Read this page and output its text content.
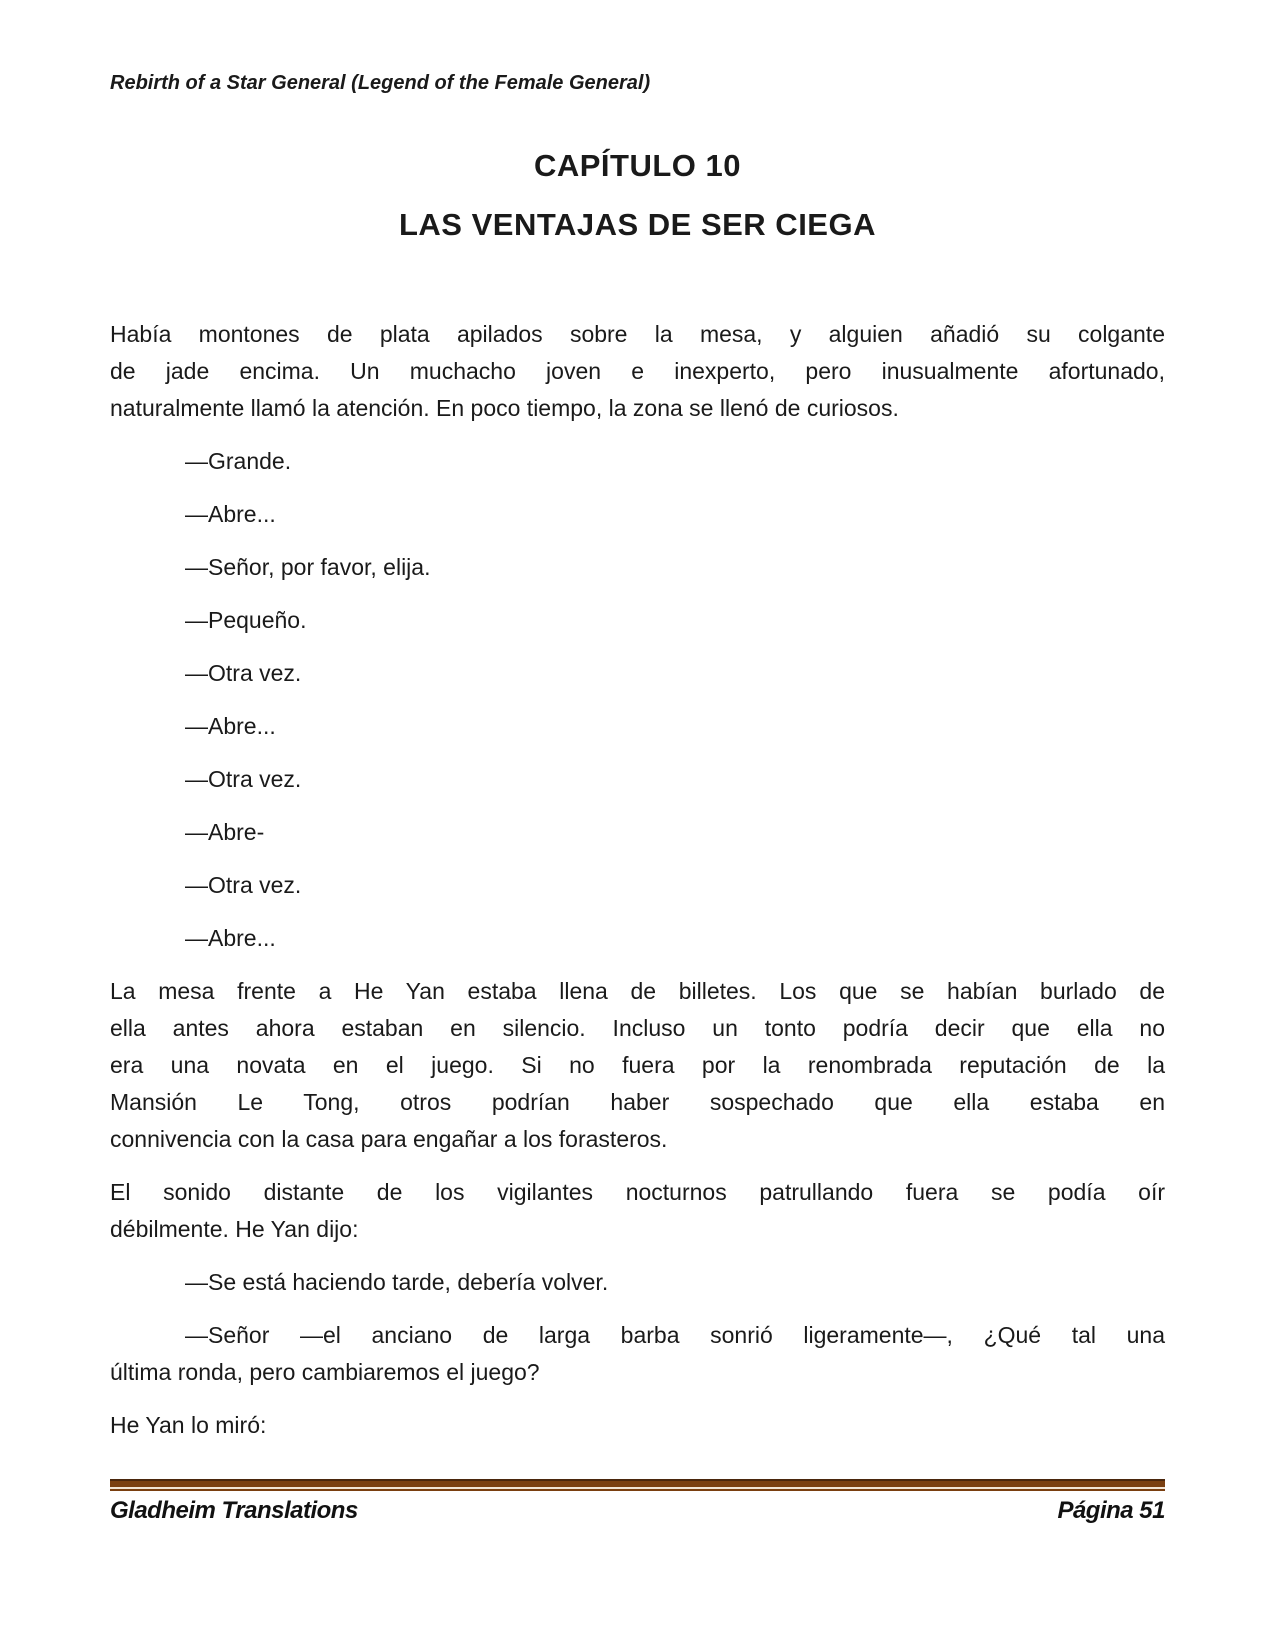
Rebirth of a Star General (Legend of the Female General)
CAPÍTULO 10
LAS VENTAJAS DE SER CIEGA
Había montones de plata apilados sobre la mesa, y alguien añadió su colgante
de jade encima. Un muchacho joven e inexperto, pero inusualmente afortunado,
naturalmente llamó la atención. En poco tiempo, la zona se llenó de curiosos.
—Grande.
—Abre...
—Señor, por favor, elija.
—Pequeño.
—Otra vez.
—Abre...
—Otra vez.
—Abre-
—Otra vez.
—Abre...
La mesa frente a He Yan estaba llena de billetes. Los que se habían burlado de
ella antes ahora estaban en silencio. Incluso un tonto podría decir que ella no
era una novata en el juego. Si no fuera por la renombrada reputación de la
Mansión Le Tong, otros podrían haber sospechado que ella estaba en
connivencia con la casa para engañar a los forasteros.
El sonido distante de los vigilantes nocturnos patrullando fuera se podía oír
débilmente. He Yan dijo:
—Se está haciendo tarde, debería volver.
—Señor —el anciano de larga barba sonrió ligeramente—, ¿Qué tal una
última ronda, pero cambiaremos el juego?
He Yan lo miró:
Gladheim Translations	Página 51
